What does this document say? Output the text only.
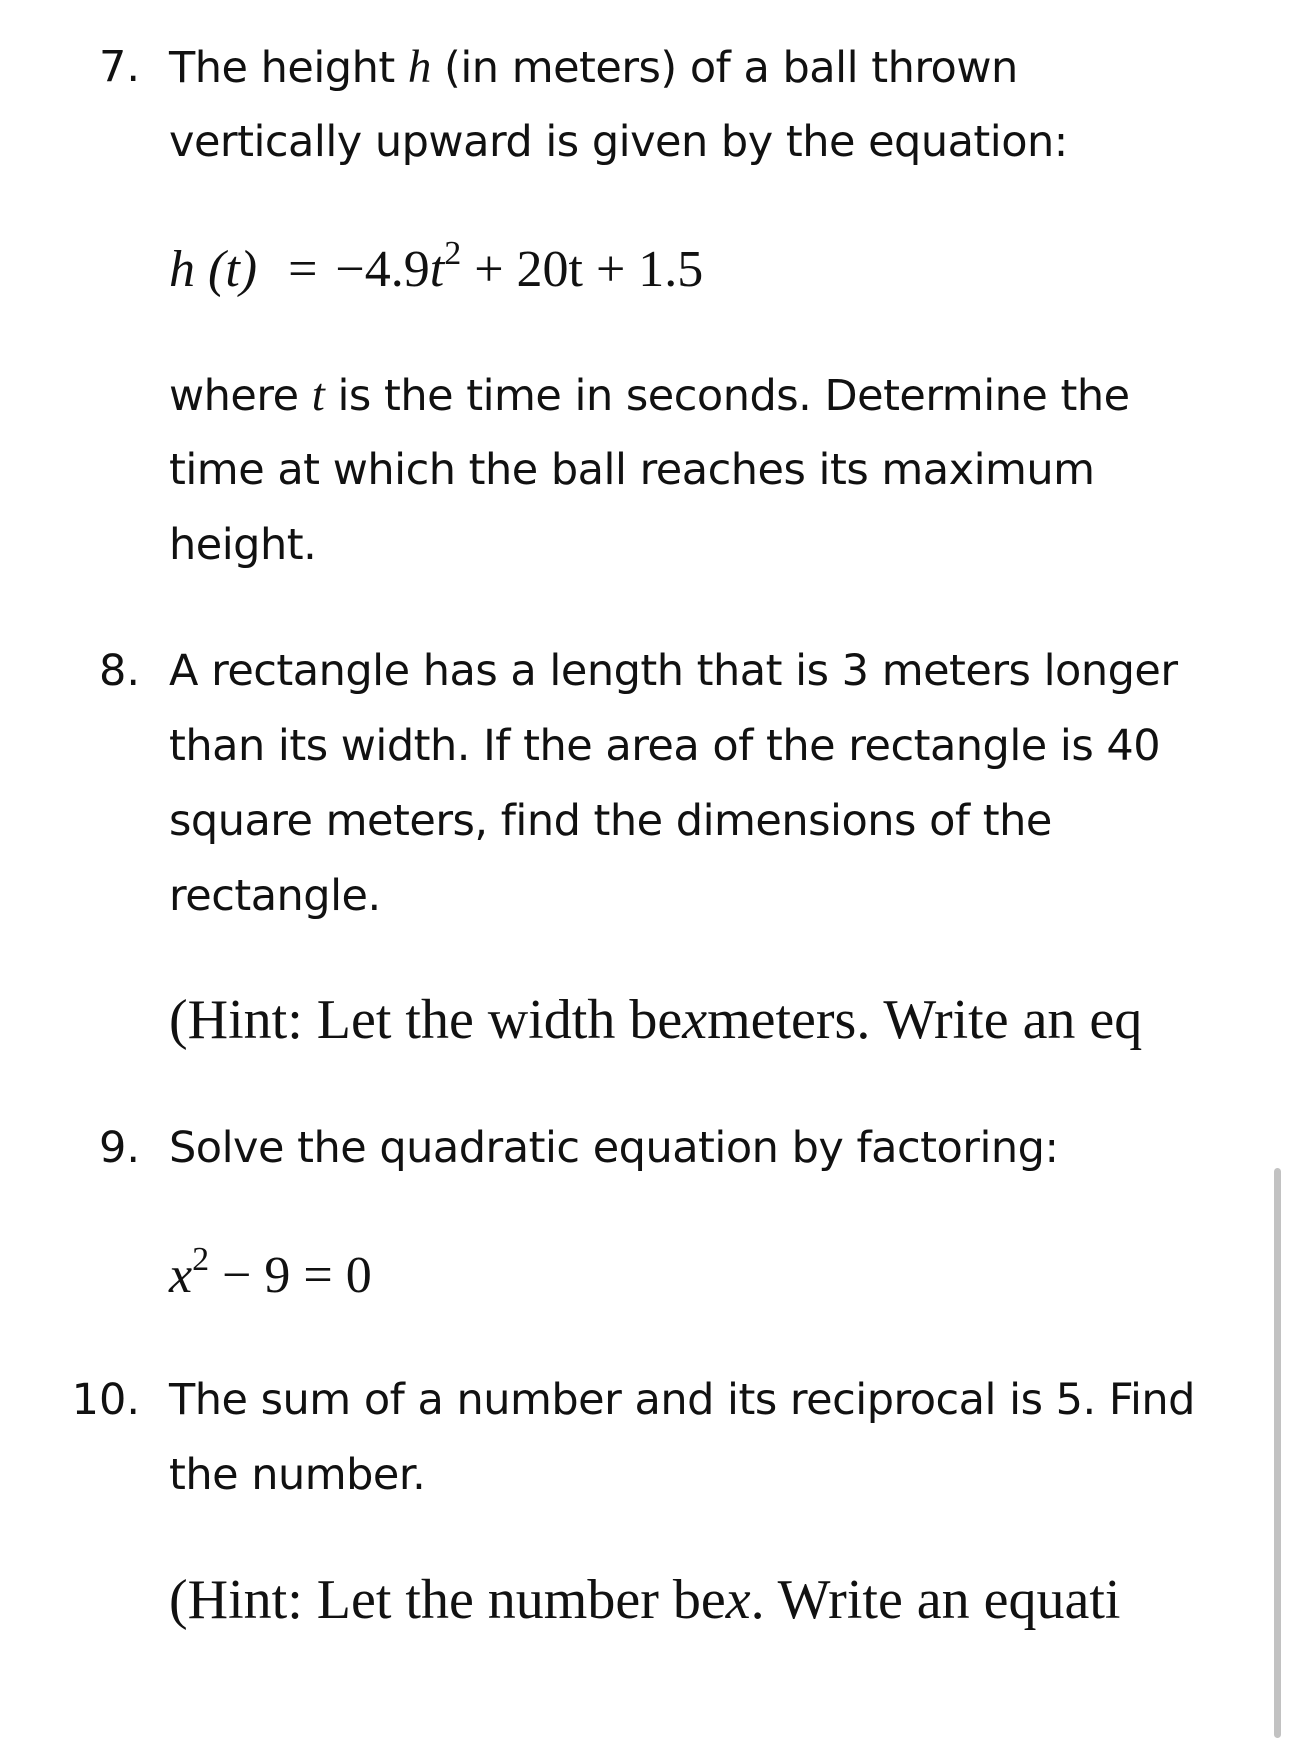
7. The height h (in meters) of a ball thrown
vertically upward is given by the equation:
h $(t) = -4.9t^2 + 20t + 1.5$
where t is the time in seconds. Determine the
time at which the ball reaches its maximum
height.
8. A rectangle has a length that is 3 meters longer
than its width. If the area of the rectangle is 40
square meters, find the dimensions of the
rectangle.
(Hint: Let the width bexmeters. Write an eq
9. Solve the quadratic equation by factoring:
$x^2 - 9 = 0$
10. The sum of a number and its reciprocal is 5. Find
the number.
(Hint: Let the number bex. Write an equati
